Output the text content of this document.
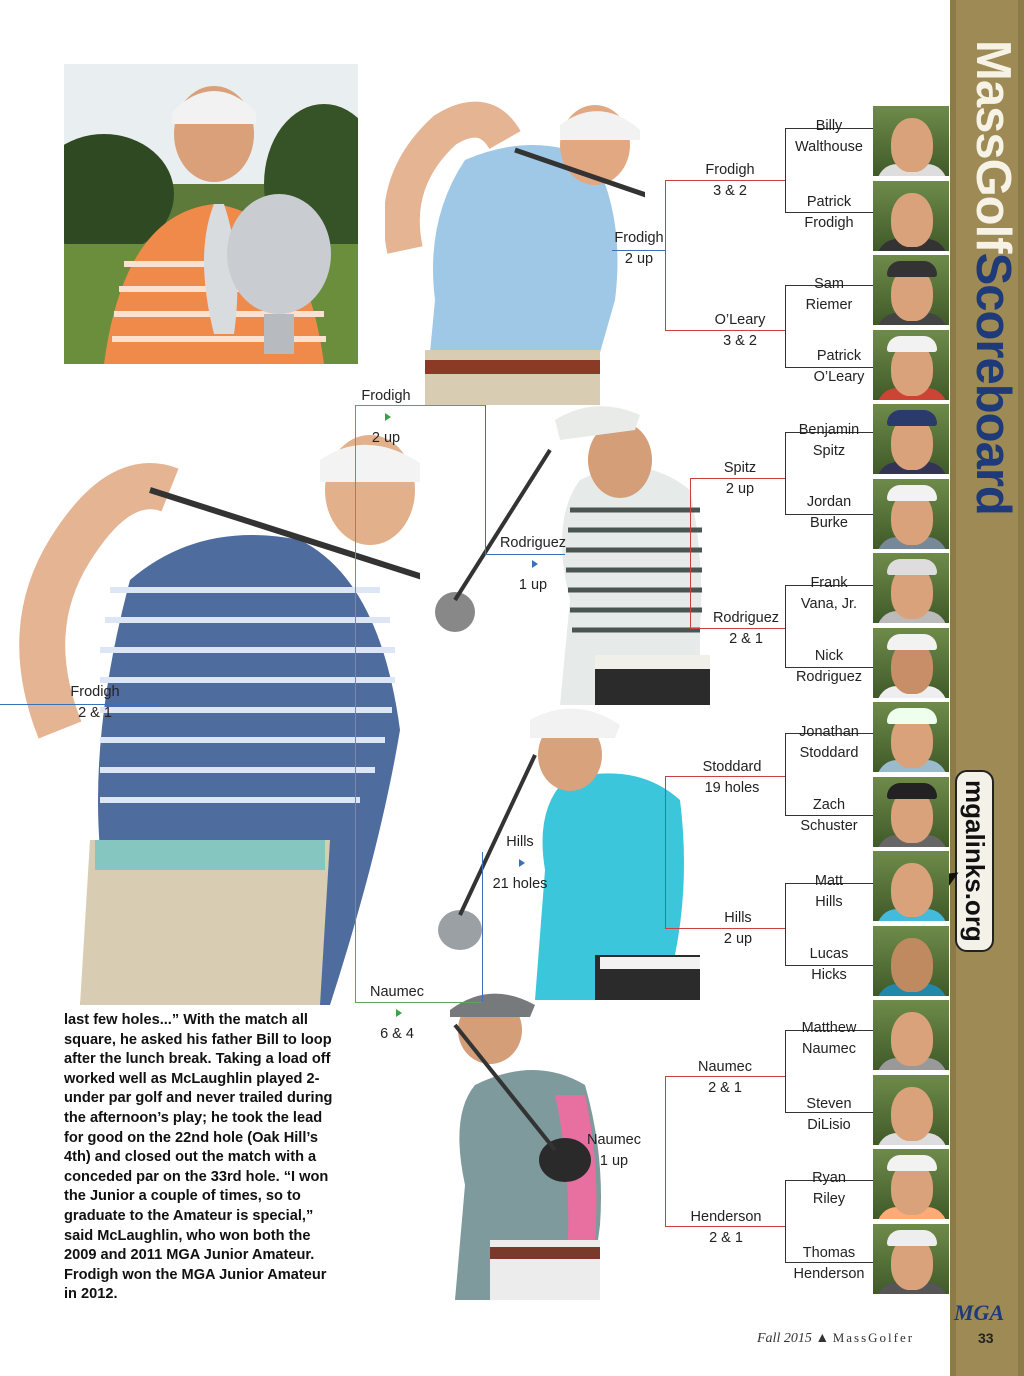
MassGolfScoreboard
mgalinks.org
Billy
Walthouse
Patrick
Frodigh
Sam
Riemer
Patrick
O’Leary
Benjamin
Spitz
Jordan
Burke
Frank
Vana, Jr.
Nick
Rodriguez
Jonathan
Stoddard
Zach
Schuster
Matt
Hills
Lucas
Hicks
Matthew
Naumec
Steven
DiLisio
Ryan
Riley
Thomas
Henderson
Frodigh
3 & 2
O’Leary
3 & 2
Spitz
2 up
Rodriguez
2 & 1
Stoddard
19 holes
Hills
2 up
Naumec
2 & 1
Henderson
2 & 1
Frodigh
2 up
Rodriguez
1 up
Hills
21 holes
Naumec
1 up
Frodigh
2 up
Naumec
6 & 4
Frodigh
2 & 1
last few holes...” With the match all square, he asked his father Bill to loop after the lunch break. Taking a load off worked well as McLaughlin played 2-under par golf and never trailed during the afternoon’s play; he took the lead for good on the 22nd hole (Oak Hill’s 4th) and closed out the match with a conceded par on the 33rd hole. “I won the Junior a couple of times, so to graduate to the Amateur is special,” said McLaughlin, who won both the 2009 and 2011 MGA Junior Amateur. Frodigh won the MGA Junior Amateur in 2012.
MGA
Fall 2015 ▲ MassGolfer	33
